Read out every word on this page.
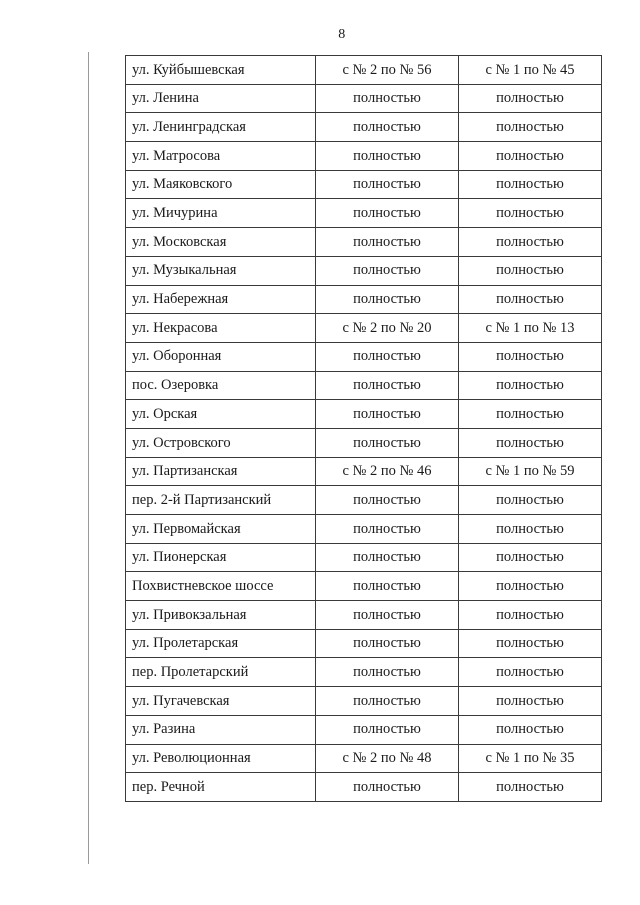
8
ул. Куйбышевская	с № 2 по № 56	с № 1 по № 45
ул. Ленина	полностью	полностью
ул. Ленинградская	полностью	полностью
ул. Матросова	полностью	полностью
ул. Маяковского	полностью	полностью
ул. Мичурина	полностью	полностью
ул. Московская	полностью	полностью
ул. Музыкальная	полностью	полностью
ул. Набережная	полностью	полностью
ул. Некрасова	с № 2 по № 20	с № 1 по № 13
ул. Оборонная	полностью	полностью
пос. Озеровка	полностью	полностью
ул. Орская	полностью	полностью
ул. Островского	полностью	полностью
ул. Партизанская	с № 2 по № 46	с № 1 по № 59
пер. 2-й Партизанский	полностью	полностью
ул. Первомайская	полностью	полностью
ул. Пионерская	полностью	полностью
Похвистневское шоссе	полностью	полностью
ул. Привокзальная	полностью	полностью
ул. Пролетарская	полностью	полностью
пер. Пролетарский	полностью	полностью
ул. Пугачевская	полностью	полностью
ул. Разина	полностью	полностью
ул. Революционная	с № 2 по № 48	с № 1 по № 35
пер. Речной	полностью	полностью
